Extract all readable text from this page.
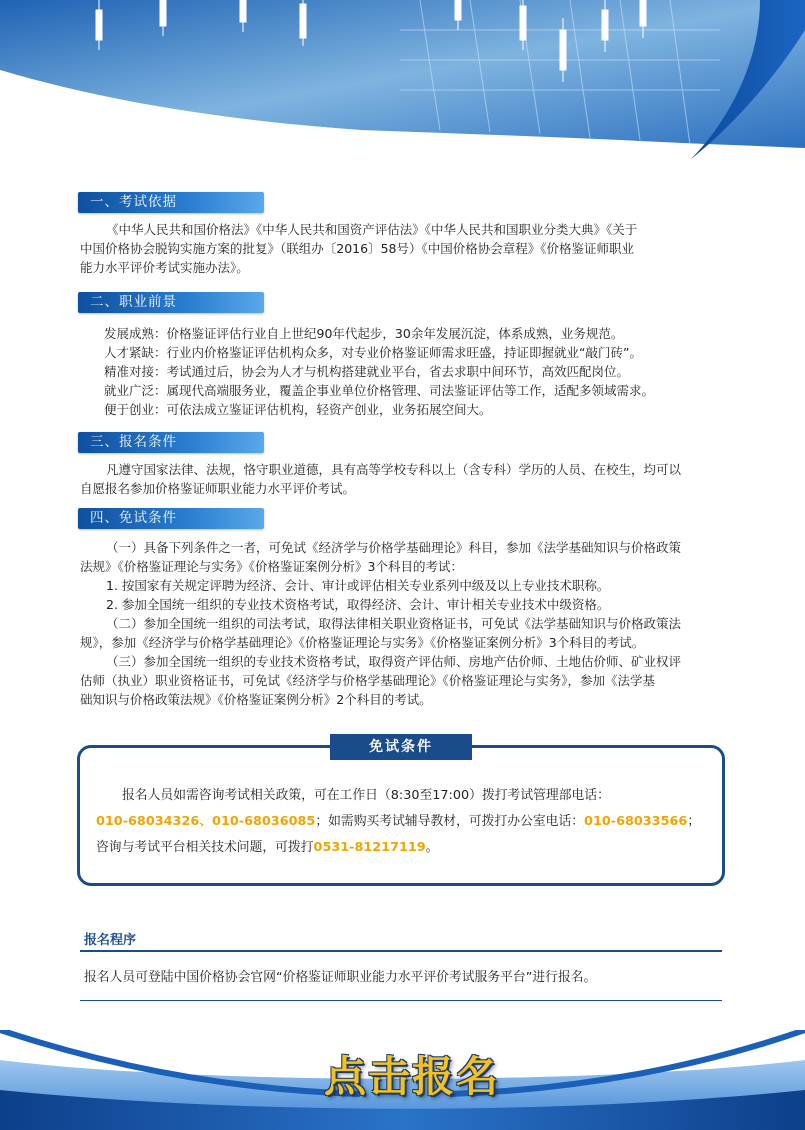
一、考试依据
《中华人民共和国价格法》《中华人民共和国资产评估法》《中华人民共和国职业分类大典》《关于
中国价格协会脱钩实施方案的批复》（联组办〔2016〕58号）《中国价格协会章程》《价格鉴证师职业
能力水平评价考试实施办法》。
二、职业前景
发展成熟：价格鉴证评估行业自上世纪90年代起步，30余年发展沉淀，体系成熟，业务规范。
人才紧缺：行业内价格鉴证评估机构众多，对专业价格鉴证师需求旺盛，持证即握就业“敲门砖”。
精准对接：考试通过后，协会为人才与机构搭建就业平台，省去求职中间环节，高效匹配岗位。
就业广泛：属现代高端服务业，覆盖企事业单位价格管理、司法鉴证评估等工作，适配多领域需求。
便于创业：可依法成立鉴证评估机构，轻资产创业，业务拓展空间大。
三、报名条件
凡遵守国家法律、法规，恪守职业道德，具有高等学校专科以上（含专科）学历的人员、在校生，均可以
自愿报名参加价格鉴证师职业能力水平评价考试。
四、免试条件
（一）具备下列条件之一者，可免试《经济学与价格学基础理论》科目，参加《法学基础知识与价格政策
法规》《价格鉴证理论与实务》《价格鉴证案例分析》3个科目的考试：
1. 按国家有关规定评聘为经济、会计、审计或评估相关专业系列中级及以上专业技术职称。
2. 参加全国统一组织的专业技术资格考试，取得经济、会计、审计相关专业技术中级资格。
（二）参加全国统一组织的司法考试，取得法律相关职业资格证书，可免试《法学基础知识与价格政策法
规》，参加《经济学与价格学基础理论》《价格鉴证理论与实务》《价格鉴证案例分析》3个科目的考试。
（三）参加全国统一组织的专业技术资格考试，取得资产评估师、房地产估价师、土地估价师、矿业权评
估师（执业）职业资格证书，可免试《经济学与价格学基础理论》《价格鉴证理论与实务》，参加《法学基
础知识与价格政策法规》《价格鉴证案例分析》2个科目的考试。
免试条件
报名人员如需咨询考试相关政策，可在工作日（8:30至17:00）拨打考试管理部电话：
010-68034326、010-68036085；如需购买考试辅导教材，可拨打办公室电话：010-68033566；
咨询与考试平台相关技术问题，可拨打0531-81217119。
报名程序
报名人员可登陆中国价格协会官网“价格鉴证师职业能力水平评价考试服务平台”进行报名。
点击报名
